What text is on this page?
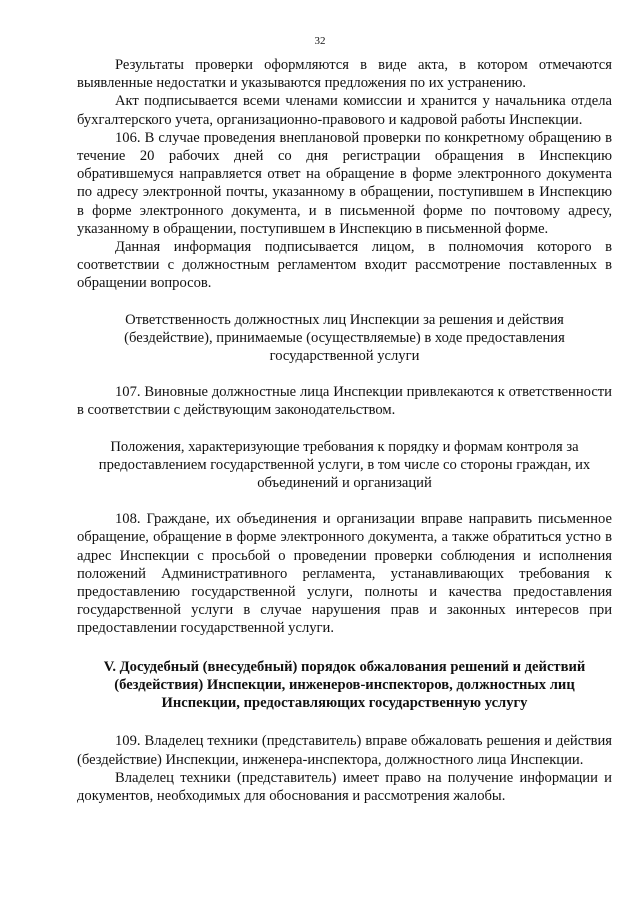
32

Результаты проверки оформляются в виде акта, в котором отмечаются выявленные недостатки и указываются предложения по их устранению.

Акт подписывается всеми членами комиссии и хранится у начальника отдела бухгалтерского учета, организационно-правового и кадровой работы Инспекции.

106. В случае проведения внеплановой проверки по конкретному обращению в течение 20 рабочих дней со дня регистрации обращения в Инспекцию обратившемуся направляется ответ на обращение в форме электронного документа по адресу электронной почты, указанному в обращении, поступившем в Инспекцию в форме электронного документа, и в письменной форме по почтовому адресу, указанному в обращении, поступившем в Инспекцию в письменной форме.

Данная информация подписывается лицом, в полномочия которого в соответствии с должностным регламентом входит рассмотрение поставленных в обращении вопросов.

Ответственность должностных лиц Инспекции за решения и действия (бездействие), принимаемые (осуществляемые) в ходе предоставления государственной услуги

107. Виновные должностные лица Инспекции привлекаются к ответственности в соответствии с действующим законодательством.

Положения, характеризующие требования к порядку и формам контроля за предоставлением государственной услуги, в том числе со стороны граждан, их объединений и организаций

108. Граждане, их объединения и организации вправе направить письменное обращение, обращение в форме электронного документа, а также обратиться устно в адрес Инспекции с просьбой о проведении проверки соблюдения и исполнения положений Административного регламента, устанавливающих требования к предоставлению государственной услуги, полноты и качества предоставления государственной услуги в случае нарушения прав и законных интересов при предоставлении государственной услуги.

V. Досудебный (внесудебный) порядок обжалования решений и действий (бездействия) Инспекции, инженеров-инспекторов, должностных лиц Инспекции, предоставляющих государственную услугу

109. Владелец техники (представитель) вправе обжаловать решения и действия (бездействие) Инспекции, инженера-инспектора, должностного лица Инспекции.

Владелец техники (представитель) имеет право на получение информации и документов, необходимых для обоснования и рассмотрения жалобы.
